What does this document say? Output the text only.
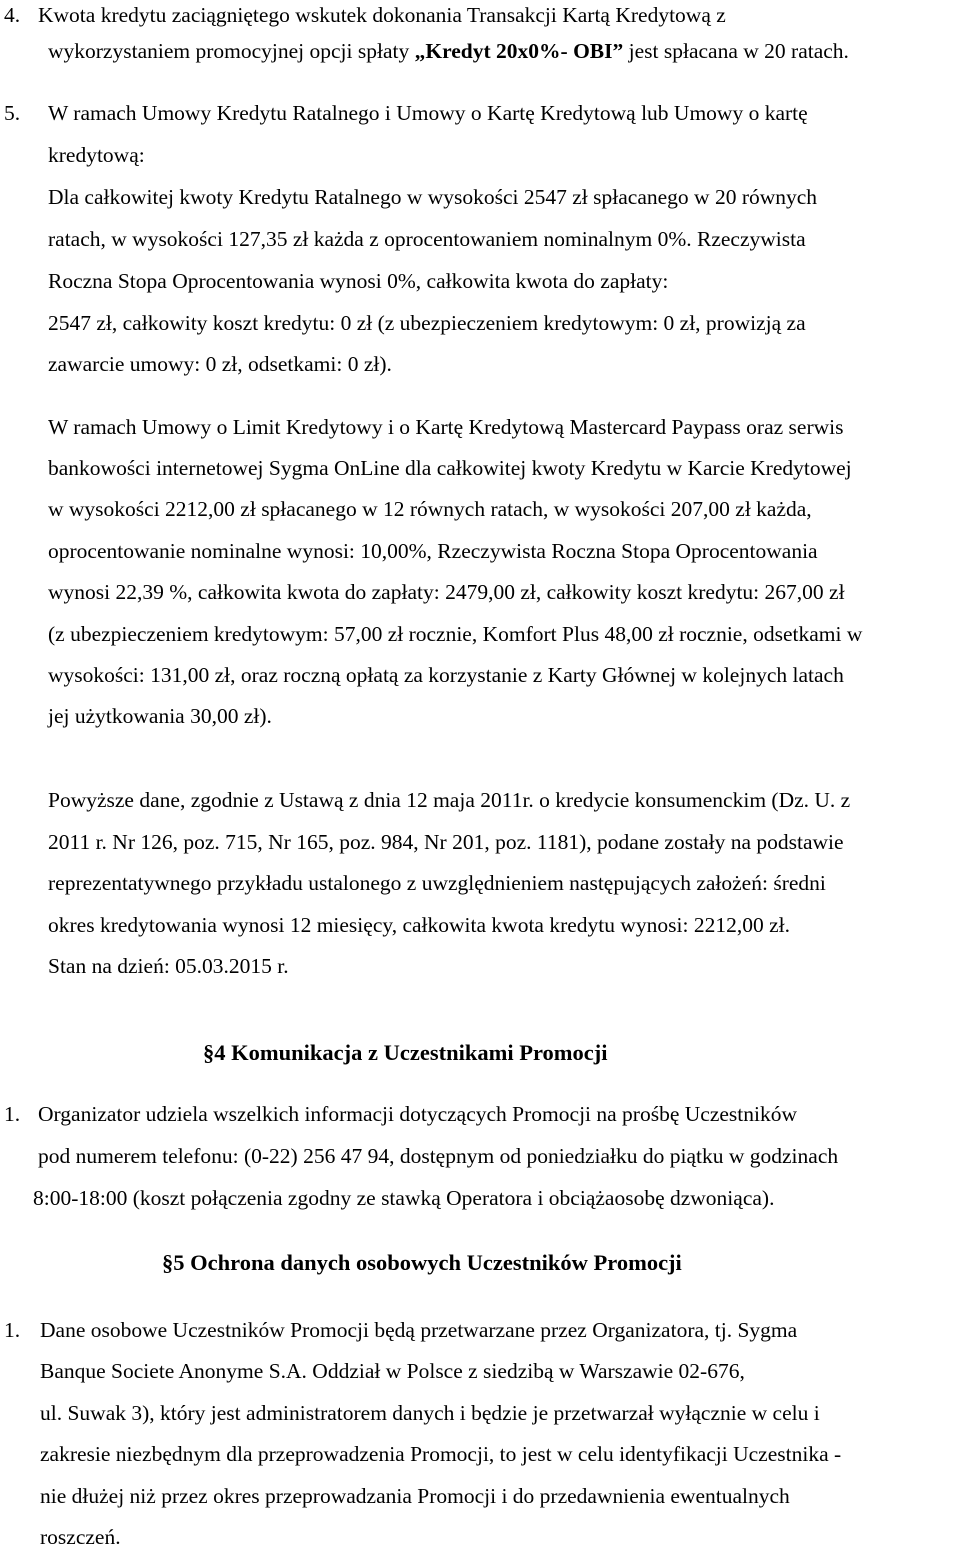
4. Kwota kredytu zaciągniętego wskutek dokonania Transakcji Kartą Kredytową z
wykorzystaniem promocyjnej opcji spłaty „Kredyt 20x0%- OBI” jest spłacana w 20 ratach.
5. W ramach Umowy Kredytu Ratalnego i Umowy o Kartę Kredytową lub Umowy o kartę
kredytową:
Dla całkowitej kwoty Kredytu Ratalnego w wysokości 2547 zł spłacanego w 20 równych
ratach, w wysokości 127,35 zł każda z oprocentowaniem nominalnym 0%. Rzeczywista
Roczna Stopa Oprocentowania wynosi 0%, całkowita kwota do zapłaty:
2547 zł, całkowity koszt kredytu: 0 zł (z ubezpieczeniem kredytowym: 0 zł, prowizją za
zawarcie umowy: 0 zł, odsetkami: 0 zł).
W ramach Umowy o Limit Kredytowy i o Kartę Kredytową Mastercard Paypass oraz serwis
bankowości internetowej Sygma OnLine dla całkowitej kwoty Kredytu w Karcie Kredytowej
w wysokości 2212,00 zł spłacanego w 12 równych ratach, w wysokości 207,00 zł każda,
oprocentowanie nominalne wynosi: 10,00%, Rzeczywista Roczna Stopa Oprocentowania
wynosi 22,39 %, całkowita kwota do zapłaty: 2479,00 zł, całkowity koszt kredytu: 267,00 zł
(z ubezpieczeniem kredytowym: 57,00 zł rocznie, Komfort Plus 48,00 zł rocznie, odsetkami w
wysokości: 131,00 zł, oraz roczną opłatą za korzystanie z Karty Głównej w kolejnych latach
jej użytkowania 30,00 zł).
Powyższe dane, zgodnie z Ustawą z dnia 12 maja 2011r. o kredycie konsumenckim (Dz. U. z
2011 r. Nr 126, poz. 715, Nr 165, poz. 984, Nr 201, poz. 1181), podane zostały na podstawie
reprezentatywnego przykładu ustalonego z uwzględnieniem następujących założeń: średni
okres kredytowania wynosi 12 miesięcy, całkowita kwota kredytu wynosi: 2212,00 zł.
Stan na dzień: 05.03.2015 r.
§4 Komunikacja z Uczestnikami Promocji
1. Organizator udziela wszelkich informacji dotyczących Promocji na prośbę Uczestników
pod numerem telefonu: (0-22) 256 47 94, dostępnym od poniedziałku do piątku w godzinach
8:00-18:00 (koszt połączenia zgodny ze stawką Operatora i obciążaosobę dzwoniąca).
§5 Ochrona danych osobowych Uczestników Promocji
1. Dane osobowe Uczestników Promocji będą przetwarzane przez Organizatora, tj. Sygma
Banque Societe Anonyme S.A. Oddział w Polsce z siedzibą w Warszawie 02-676,
ul. Suwak 3), który jest administratorem danych i będzie je przetwarzał wyłącznie w celu i
zakresie niezbędnym dla przeprowadzenia Promocji, to jest w celu identyfikacji Uczestnika -
nie dłużej niż przez okres przeprowadzania Promocji i do przedawnienia ewentualnych
roszczeń.
